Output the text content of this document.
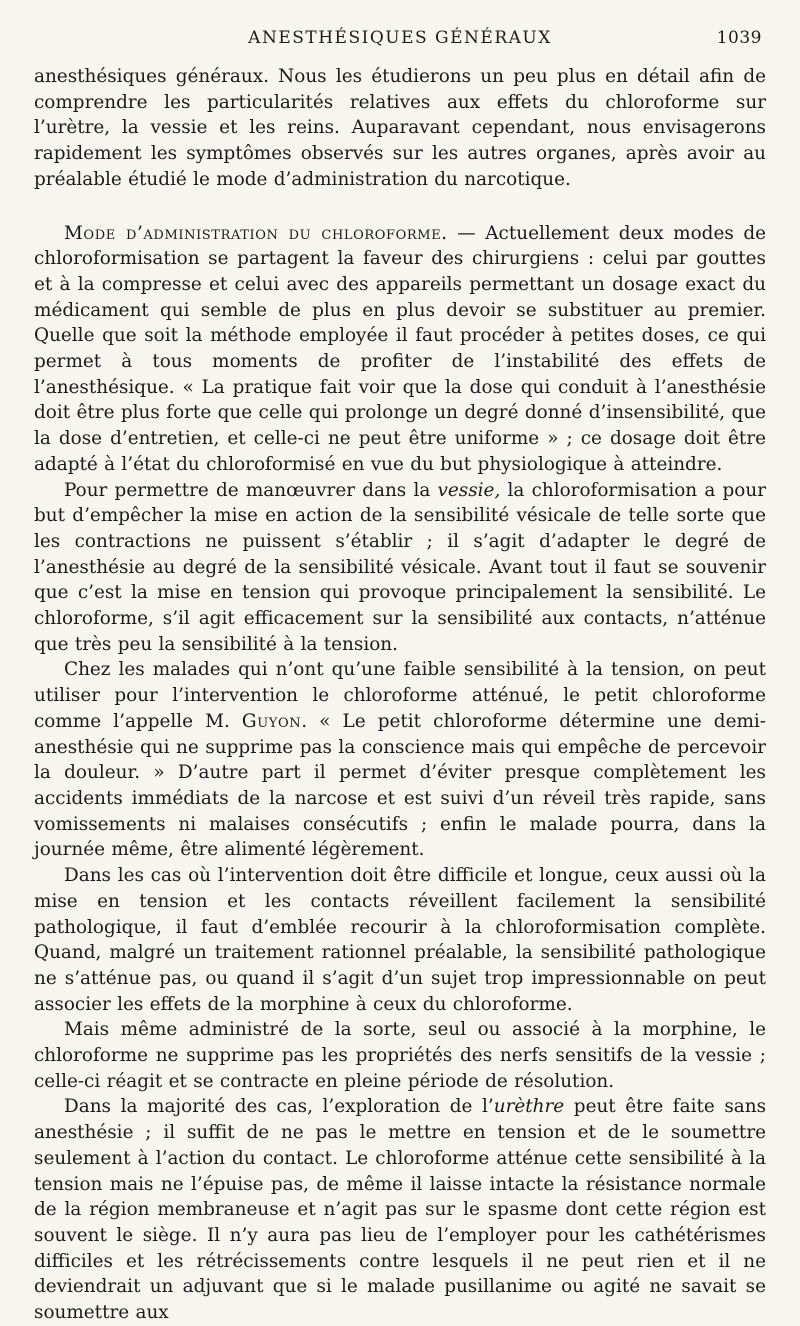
ANESTHÉSIQUES GÉNÉRAUX	1039

anesthésiques généraux. Nous les étudierons un peu plus en détail afin de comprendre les particularités relatives aux effets du chloroforme sur l’urètre, la vessie et les reins. Auparavant cependant, nous envisagerons rapidement les symptômes observés sur les autres organes, après avoir au préalable étudié le mode d’administration du narcotique.

Mode d’administration du chloroforme. — Actuellement deux modes de chloroformisation se partagent la faveur des chirurgiens : celui par gouttes et à la compresse et celui avec des appareils permettant un dosage exact du médicament qui semble de plus en plus devoir se substituer au premier. Quelle que soit la méthode employée il faut procéder à petites doses, ce qui permet à tous moments de profiter de l’instabilité des effets de l’anesthésique. « La pratique fait voir que la dose qui conduit à l’anesthésie doit être plus forte que celle qui prolonge un degré donné d’insensibilité, que la dose d’entretien, et celle-ci ne peut être uniforme » ; ce dosage doit être adapté à l’état du chloroformisé en vue du but physiologique à atteindre.

Pour permettre de manœuvrer dans la vessie, la chloroformisation a pour but d’empêcher la mise en action de la sensibilité vésicale de telle sorte que les contractions ne puissent s’établir ; il s’agit d’adapter le degré de l’anesthésie au degré de la sensibilité vésicale. Avant tout il faut se souvenir que c’est la mise en tension qui provoque principalement la sensibilité. Le chloroforme, s’il agit efficacement sur la sensibilité aux contacts, n’atténue que très peu la sensibilité à la tension.

Chez les malades qui n’ont qu’une faible sensibilité à la tension, on peut utiliser pour l’intervention le chloroforme atténué, le petit chloroforme comme l’appelle M. Guyon. « Le petit chloroforme détermine une demi-anesthésie qui ne supprime pas la conscience mais qui empêche de percevoir la douleur. » D’autre part il permet d’éviter presque complètement les accidents immédiats de la narcose et est suivi d’un réveil très rapide, sans vomissements ni malaises consécutifs ; enfin le malade pourra, dans la journée même, être alimenté légèrement.

Dans les cas où l’intervention doit être difficile et longue, ceux aussi où la mise en tension et les contacts réveillent facilement la sensibilité pathologique, il faut d’emblée recourir à la chloroformisation complète. Quand, malgré un traitement rationnel préalable, la sensibilité pathologique ne s’atténue pas, ou quand il s’agit d’un sujet trop impressionnable on peut associer les effets de la morphine à ceux du chloroforme.

Mais même administré de la sorte, seul ou associé à la morphine, le chloroforme ne supprime pas les propriétés des nerfs sensitifs de la vessie ; celle-ci réagit et se contracte en pleine période de résolution.

Dans la majorité des cas, l’exploration de l’urèthre peut être faite sans anesthésie ; il suffit de ne pas le mettre en tension et de le soumettre seulement à l’action du contact. Le chloroforme atténue cette sensibilité à la tension mais ne l’épuise pas, de même il laisse intacte la résistance normale de la région membraneuse et n’agit pas sur le spasme dont cette région est souvent le siège. Il n’y aura pas lieu de l’employer pour les cathétérismes difficiles et les rétrécissements contre lesquels il ne peut rien et il ne deviendrait un adjuvant que si le malade pusillanime ou agité ne savait se soumettre aux
